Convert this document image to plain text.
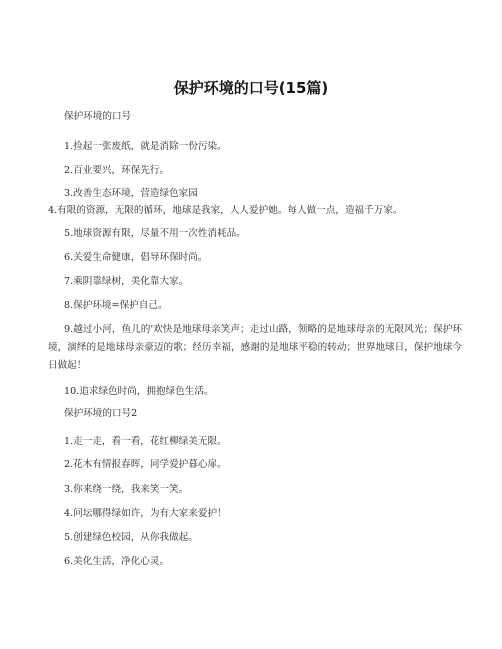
保护环境的口号(15篇)
保护环境的口号
1.捡起一张废纸，就是消除一份污染。
2.百业要兴，环保先行。
3.改善生态环境，营造绿色家园
4.有限的资源，无限的循环，地球是我家，人人爱护她。每人做一点，造福千万家。
5.地球资源有限，尽量不用一次性消耗品。
6.关爱生命健康，倡导环保时尚。
7.乘阴靠绿树，美化靠大家。
8.保护环境=保护自己。
9.越过小河，鱼儿的'欢快是地球母亲笑声；走过山路，领略的是地球母亲的无限风光；保护环境，演绎的是地球母亲豪迈的歌；经历幸福，感谢的是地球平稳的转动；世界地球日，保护地球今日做起！
10.追求绿色时尚，拥抱绿色生活。
保护环境的口号2
1.走一走，看一看，花红柳绿美无限。
2.花木有情报春晖，同学爱护暮心扉。
3.你来绕一绕，我来笑一笑。
4.问坛哪得绿如许，为有大家来爱护！
5.创建绿色校园，从你我做起。
6.美化生活，净化心灵。
